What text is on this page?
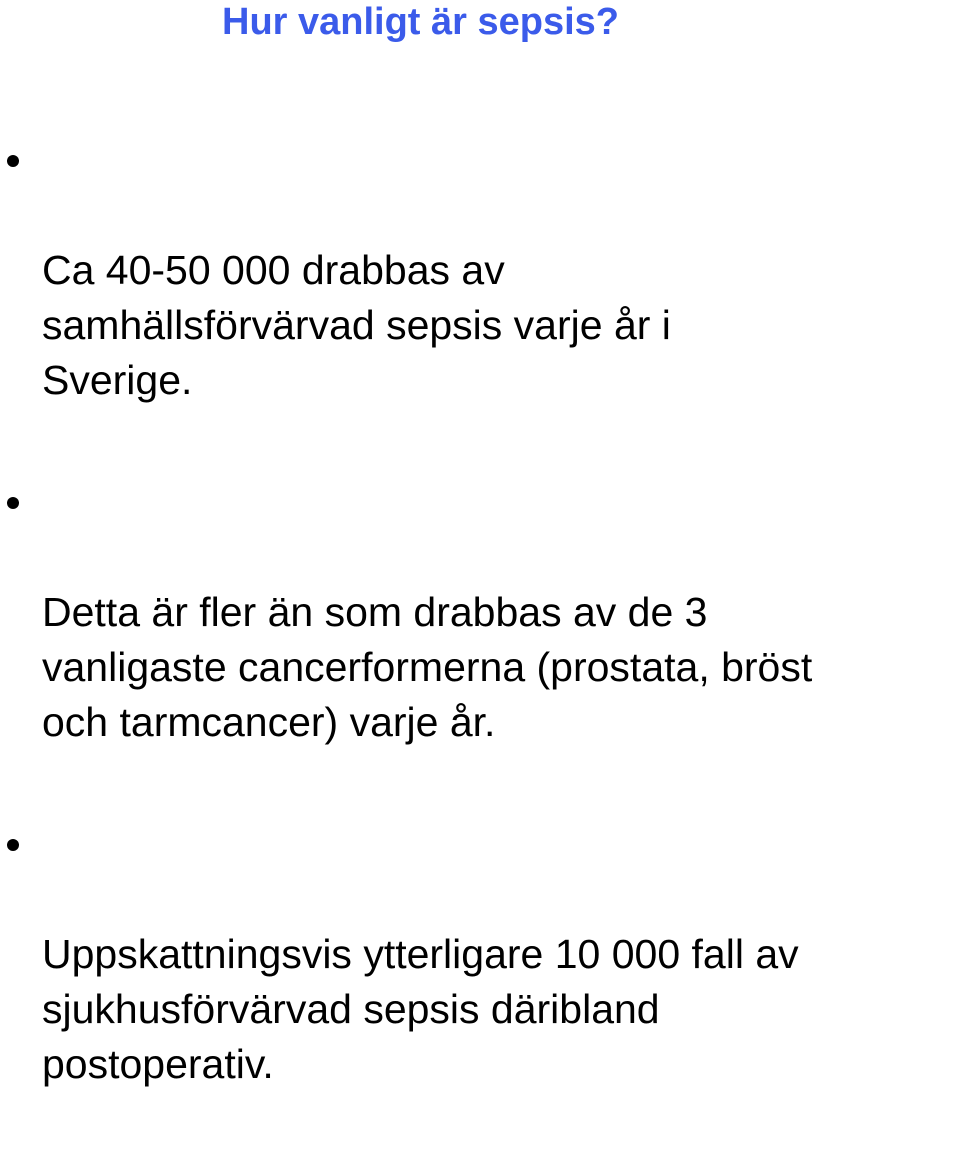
Hur vanligt är sepsis?

Ca 40-50 000 drabbas av
samhällsförvärvad sepsis varje år i
Sverige.

Detta är fler än som drabbas av de 3
vanligaste cancerformerna (prostata, bröst
och tarmcancer) varje år.

Uppskattningsvis ytterligare 10 000 fall av
sjukhusförvärvad sepsis däribland
postoperativ.
